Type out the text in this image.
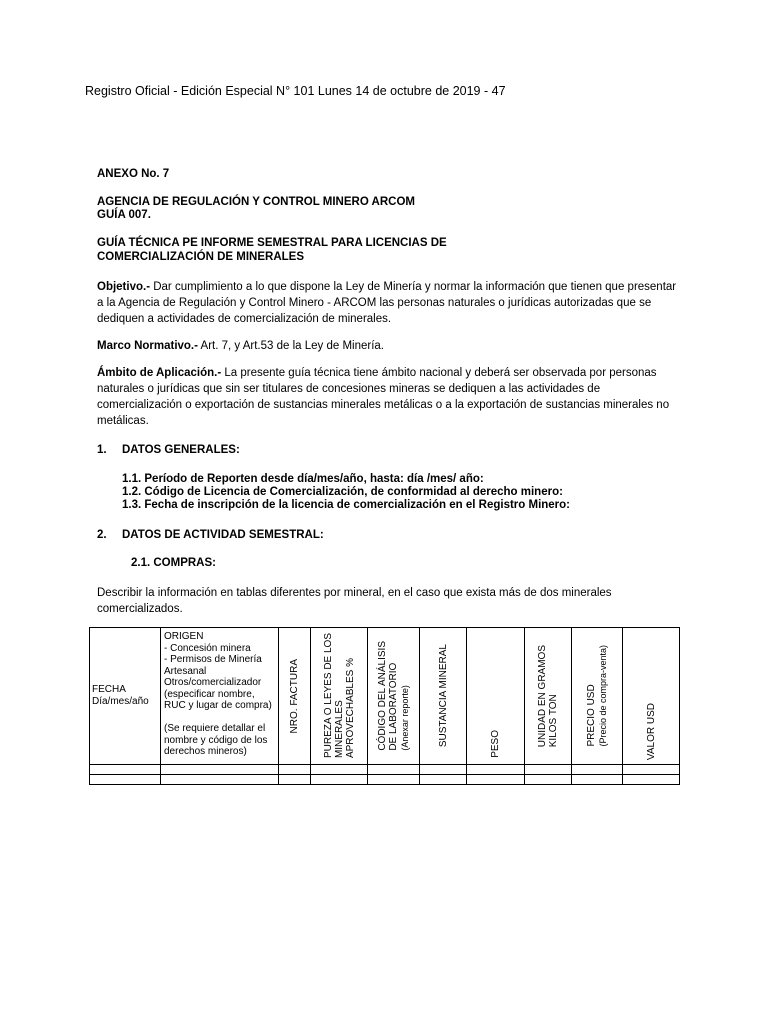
Registro Oficial - Edición Especial N° 101 Lunes 14 de octubre de 2019 - 47
ANEXO No. 7
AGENCIA DE REGULACIÓN Y CONTROL MINERO ARCOM
GUÍA 007.
GUÍA TÉCNICA PE INFORME SEMESTRAL PARA LICENCIAS DE
COMERCIALIZACIÓN DE MINERALES
Objetivo.- Dar cumplimiento a lo que dispone la Ley de Minería y normar la información que tienen que presentar a la Agencia de Regulación y Control Minero - ARCOM las personas naturales o jurídicas autorizadas que se dediquen a actividades de comercialización de minerales.
Marco Normativo.- Art. 7, y Art.53 de la Ley de Minería.
Ámbito de Aplicación.- La presente guía técnica tiene ámbito nacional y deberá ser observada por personas naturales o jurídicas que sin ser titulares de concesiones mineras se dediquen a las actividades de comercialización o exportación de sustancias minerales metálicas o a la exportación de sustancias minerales no metálicas.
1. DATOS GENERALES:
1.1. Período de Reporten desde día/mes/año, hasta: día /mes/ año:
1.2. Código de Licencia de Comercialización, de conformidad al derecho minero:
1.3. Fecha de inscripción de la licencia de comercialización en el Registro Minero:
2. DATOS DE ACTIVIDAD SEMESTRAL:
2.1. COMPRAS:
Describir la información en tablas diferentes por mineral, en el caso que exista más de dos minerales comercializados.
FECHA
Día/mes/año	ORIGEN
- Concesión minera
- Permisos de Minería Artesanal
Otros/comercializador (especificar nombre, RUC y lugar de compra)

(Se requiere detallar el nombre y código de los derechos mineros)	NRO. FACTURA	PUREZA O LEYES DE LOS
MINERALES
APROVECHABLES %	CÓDIGO DEL ANÁLISIS
DE LABORATORIO
(Anexar reporte)	SUSTANCIA MINERAL	PESO	UNIDAD EN GRAMOS
KILOS TON	PRECIO USD
(Precio de compra-venta)	VALOR USD
